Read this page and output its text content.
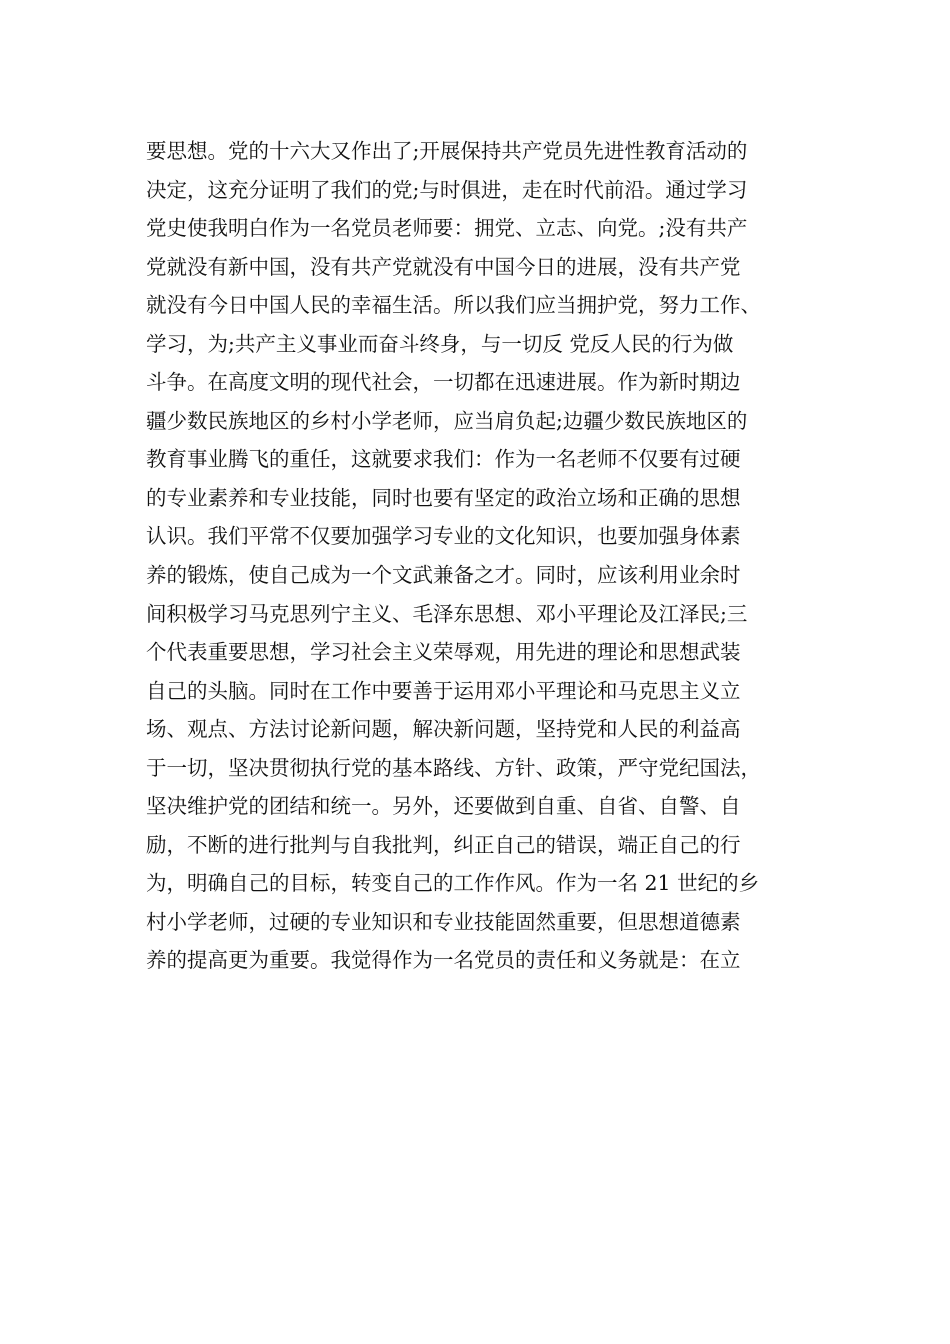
要思想。党的十六大又作出了;开展保持共产党员先进性教育活动的
决定，这充分证明了我们的党;与时俱进，走在时代前沿。通过学习
党史使我明白作为一名党员老师要：拥党、立志、向党。;没有共产
党就没有新中国，没有共产党就没有中国今日的进展，没有共产党
就没有今日中国人民的幸福生活。所以我们应当拥护党，努力工作、
学习，为;共产主义事业而奋斗终身，与一切反 党反人民的行为做
斗争。在高度文明的现代社会，一切都在迅速进展。作为新时期边
疆少数民族地区的乡村小学老师，应当肩负起;边疆少数民族地区的
教育事业腾飞的重任，这就要求我们：作为一名老师不仅要有过硬
的专业素养和专业技能，同时也要有坚定的政治立场和正确的思想
认识。我们平常不仅要加强学习专业的文化知识，也要加强身体素
养的锻炼，使自己成为一个文武兼备之才。同时，应该利用业余时
间积极学习马克思列宁主义、毛泽东思想、邓小平理论及江泽民;三
个代表重要思想，学习社会主义荣辱观，用先进的理论和思想武装
自己的头脑。同时在工作中要善于运用邓小平理论和马克思主义立
场、观点、方法讨论新问题，解决新问题，坚持党和人民的利益高
于一切，坚决贯彻执行党的基本路线、方针、政策，严守党纪国法，
坚决维护党的团结和统一。另外，还要做到自重、自省、自警、自
励，不断的进行批判与自我批判，纠正自己的错误，端正自己的行
为，明确自己的目标，转变自己的工作作风。作为一名 21 世纪的乡
村小学老师，过硬的专业知识和专业技能固然重要，但思想道德素
养的提高更为重要。我觉得作为一名党员的责任和义务就是：在立
